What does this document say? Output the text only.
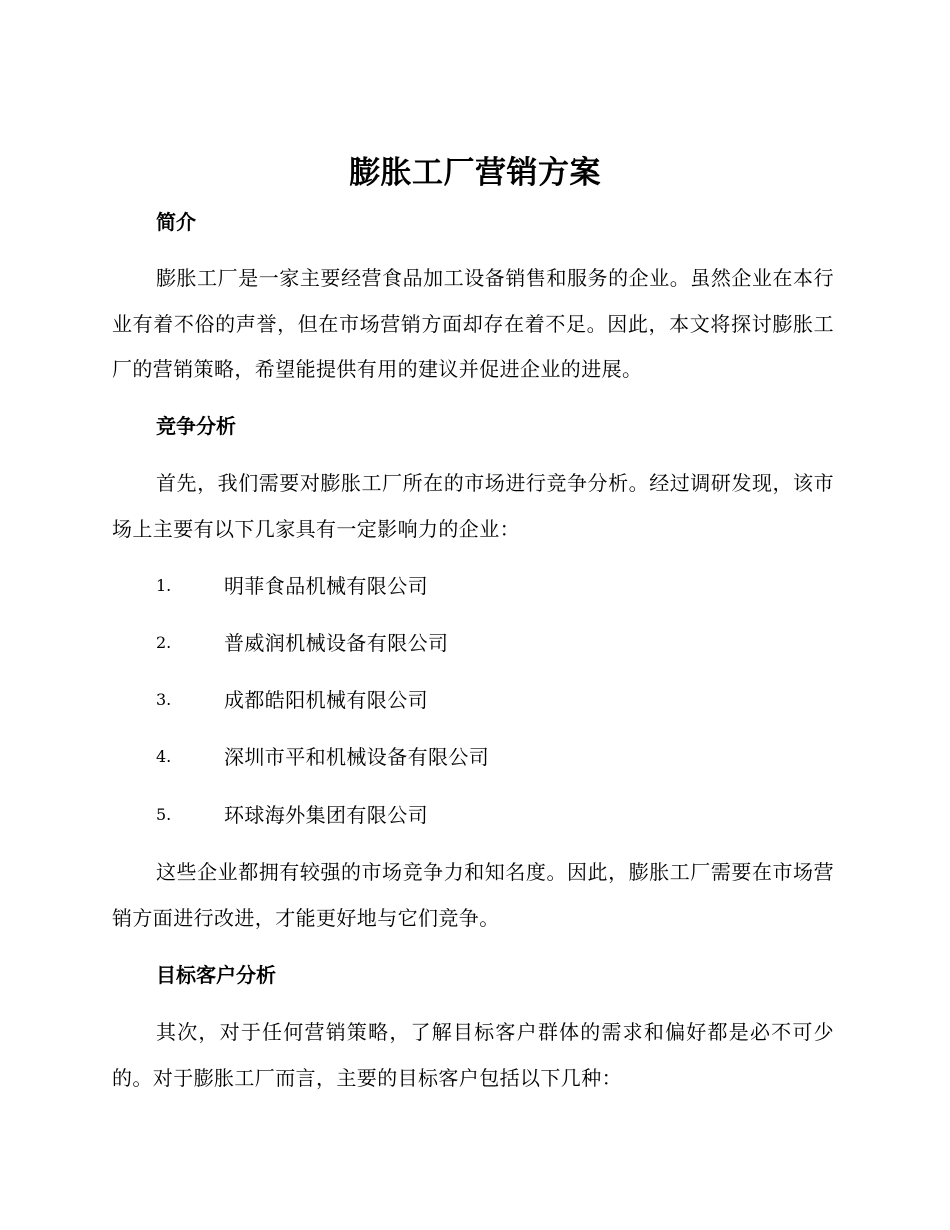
膨胀工厂营销方案
简介

膨胀工厂是一家主要经营食品加工设备销售和服务的企业。虽然企业在本行业有着不俗的声誉，但在市场营销方面却存在着不足。因此，本文将探讨膨胀工厂的营销策略，希望能提供有用的建议并促进企业的进展。

竞争分析

首先，我们需要对膨胀工厂所在的市场进行竞争分析。经过调研发现，该市场上主要有以下几家具有一定影响力的企业：

1.	明菲食品机械有限公司
2.	普威润机械设备有限公司
3.	成都皓阳机械有限公司
4.	深圳市平和机械设备有限公司
5.	环球海外集团有限公司

这些企业都拥有较强的市场竞争力和知名度。因此，膨胀工厂需要在市场营销方面进行改进，才能更好地与它们竞争。

目标客户分析

其次，对于任何营销策略，了解目标客户群体的需求和偏好都是必不可少的。对于膨胀工厂而言，主要的目标客户包括以下几种：
